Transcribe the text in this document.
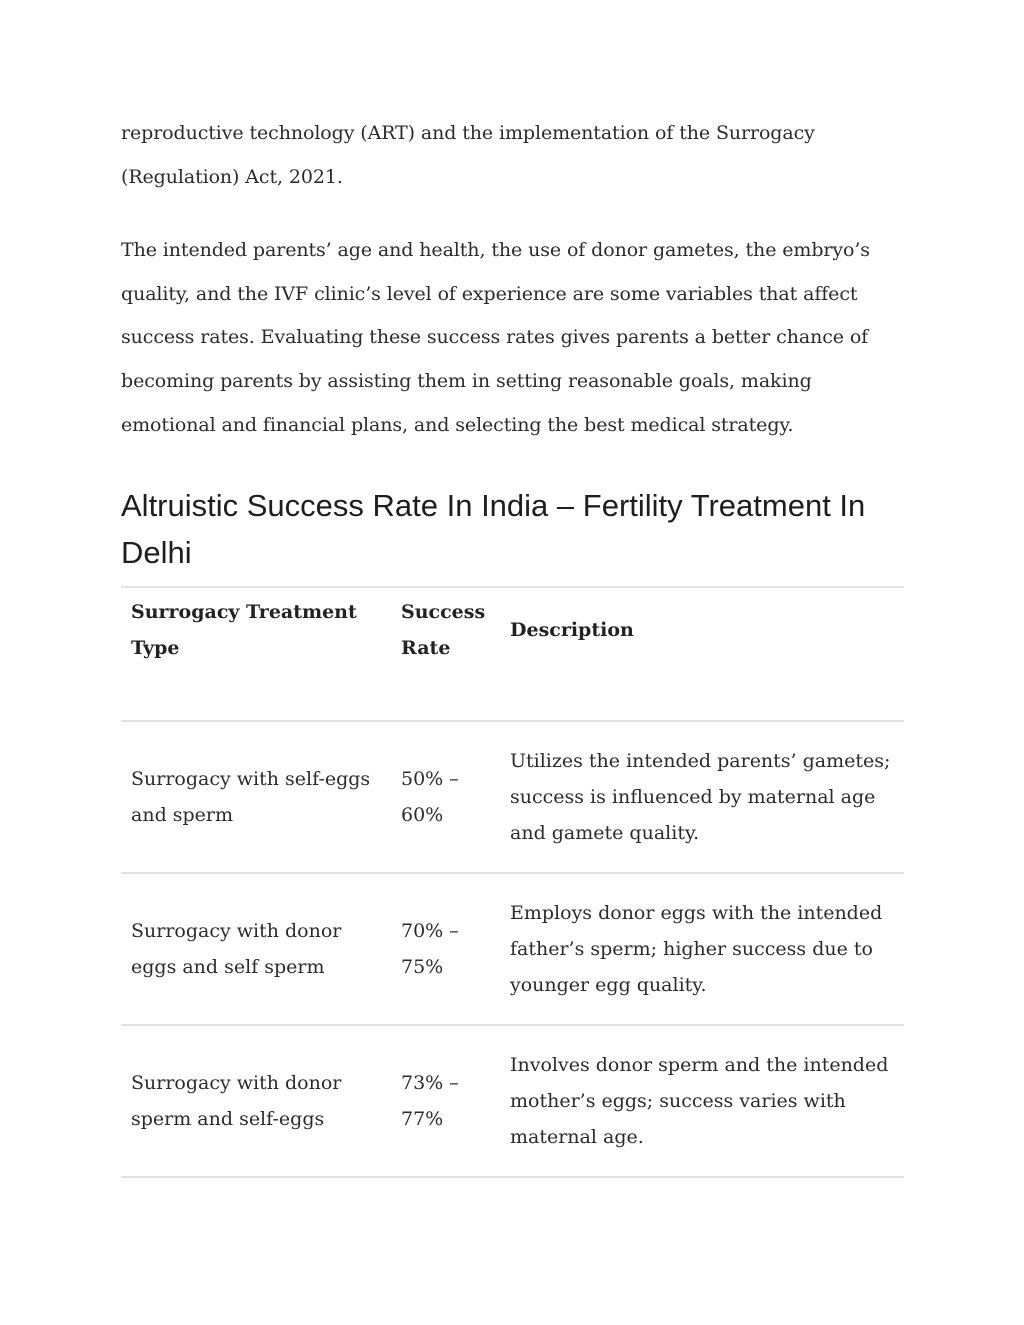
reproductive technology (ART) and the implementation of the Surrogacy (Regulation) Act, 2021.

The intended parents’ age and health, the use of donor gametes, the embryo’s quality, and the IVF clinic’s level of experience are some variables that affect success rates. Evaluating these success rates gives parents a better chance of becoming parents by assisting them in setting reasonable goals, making emotional and financial plans, and selecting the best medical strategy.

Altruistic Success Rate In India – Fertility Treatment In Delhi
Surrogacy Treatment Type	Success Rate	Description
Surrogacy with self-eggs and sperm	50% – 60%	Utilizes the intended parents’ gametes; success is influenced by maternal age and gamete quality.
Surrogacy with donor eggs and self sperm	70% – 75%	Employs donor eggs with the intended father’s sperm; higher success due to younger egg quality.
Surrogacy with donor sperm and self-eggs	73% – 77%	Involves donor sperm and the intended mother’s eggs; success varies with maternal age.
